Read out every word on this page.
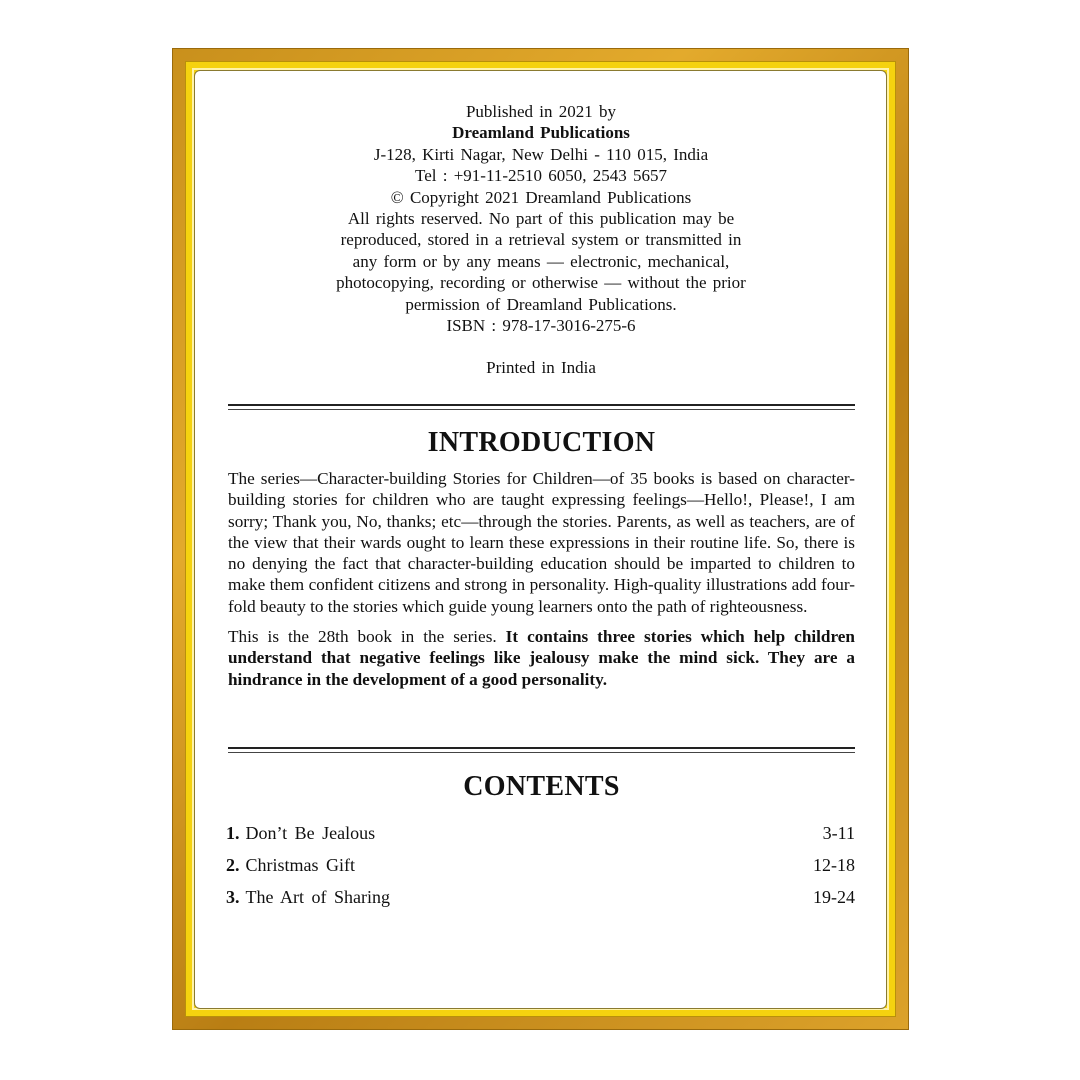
Published in 2021 by
Dreamland Publications
J-128, Kirti Nagar, New Delhi - 110 015, India
Tel : +91-11-2510 6050, 2543 5657
© Copyright 2021 Dreamland Publications
All rights reserved. No part of this publication may be
reproduced, stored in a retrieval system or transmitted in
any form or by any means — electronic, mechanical,
photocopying, recording or otherwise — without the prior
permission of Dreamland Publications.
ISBN : 978-17-3016-275-6
Printed in India
INTRODUCTION

The series—Character-building Stories for Children—of 35 books is based on character-building stories for children who are taught expressing feelings—Hello!, Please!, I am sorry; Thank you, No, thanks; etc—through the stories. Parents, as well as teachers, are of the view that their wards ought to learn these expressions in their routine life. So, there is no denying the fact that character-building education should be imparted to children to make them confident citizens and strong in personality. High-quality illustrations add four-fold beauty to the stories which guide young learners onto the path of righteousness.

This is the 28th book in the series. It contains three stories which help children understand that negative feelings like jealousy make the mind sick. They are a hindrance in the development of a good personality.

CONTENTS
1. Don’t Be Jealous	3-11
2. Christmas Gift	12-18
3. The Art of Sharing	19-24
